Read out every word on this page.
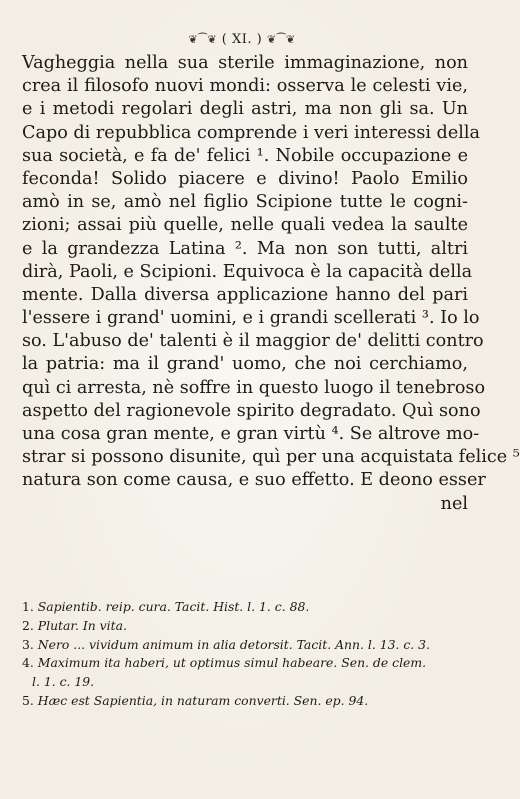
❦⁀❦ ( XI. ) ❦⁀❦
Vagheggia nella sua sterile immaginazione, non
crea il filosofo nuovi mondi: osserva le celesti vie,
e i metodi regolari degli astri, ma non gli sa. Un
Capo di repubblica comprende i veri interessi della
sua società, e fa de' felici ¹. Nobile occupazione e
feconda! Solido piacere e divino! Paolo Emilio
amò in se, amò nel figlio Scipione tutte le cogni-
zioni; assai più quelle, nelle quali vedea la saulte
e la grandezza Latina ². Ma non son tutti, altri
dirà, Paoli, e Scipioni. Equivoca è la capacità della
mente. Dalla diversa applicazione hanno del pari
l'essere i grand' uomini, e i grandi scellerati ³. Io lo
so. L'abuso de' talenti è il maggior de' delitti contro
la patria: ma il grand' uomo, che noi cerchiamo,
quì ci arresta, nè soffre in questo luogo il tenebroso
aspetto del ragionevole spirito degradato. Quì sono
una cosa gran mente, e gran virtù ⁴. Se altrove mo-
strar si possono disunite, quì per una acquistata felice ⁵
natura son come causa, e suo effetto. E deono esser
nel
1. Sapientib. reip. cura. Tacit. Hist. l. 1. c. 88.
2. Plutar. In vita.
3. Nero ... vividum animum in alia detorsit. Tacit. Ann. l. 13. c. 3.
4. Maximum ita haberi, ut optimus simul habeare. Sen. de clem.
l. 1. c. 19.
5. Hæc est Sapientia, in naturam converti. Sen. ep. 94.
